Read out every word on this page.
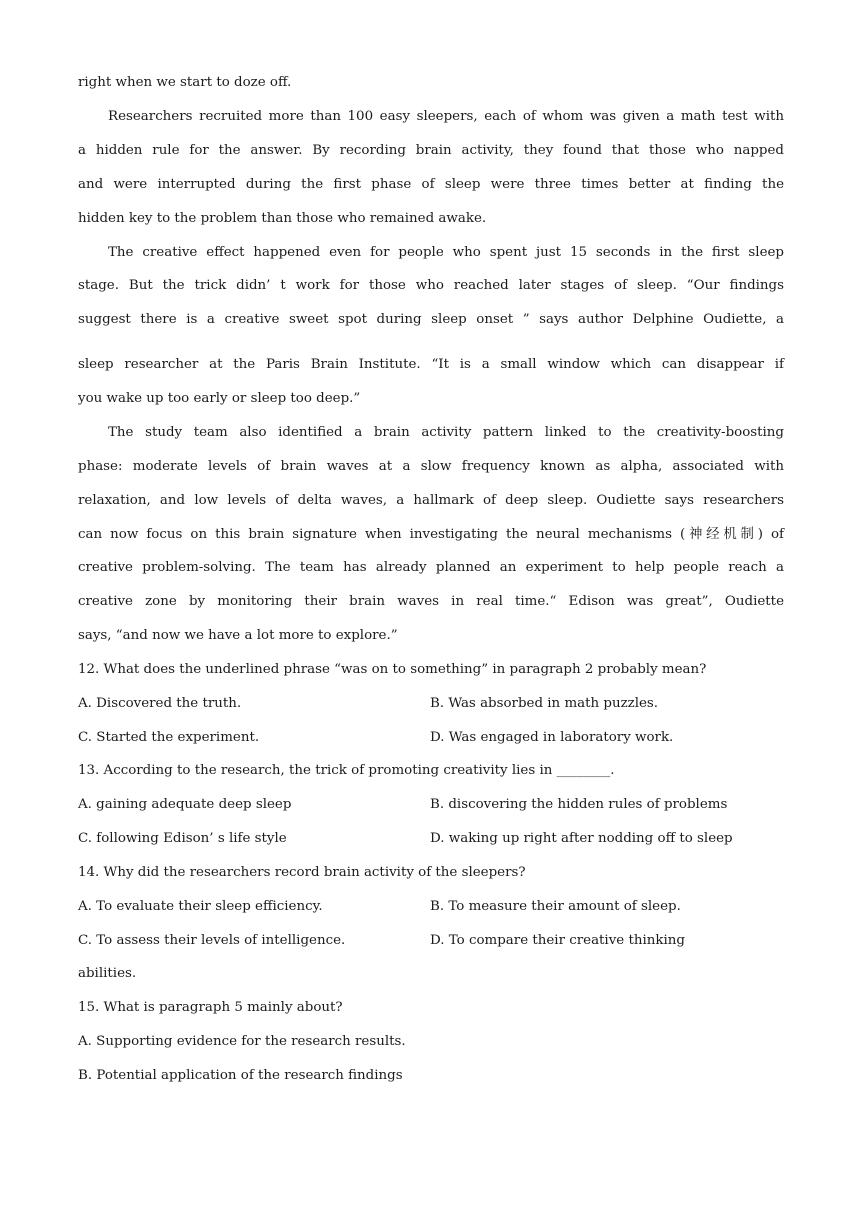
right when we start to doze off.
Researchers recruited more than 100 easy sleepers, each of whom was given a math test with
a hidden rule for the answer. By recording brain activity, they found that those who napped
and were interrupted during the first phase of sleep were three times better at finding the
hidden key to the problem than those who remained awake.
The creative effect happened even for people who spent just 15 seconds in the first sleep
stage. But the trick didn’ t work for those who reached later stages of sleep. “Our findings
suggest there is a creative sweet spot during sleep onset ” says author Delphine Oudiette, a
sleep researcher at the Paris Brain Institute. “It is a small window which can disappear if
you wake up too early or sleep too deep.”
The study team also identified a brain activity pattern linked to the creativity-boosting
phase: moderate levels of brain waves at a slow frequency known as alpha, associated with
relaxation, and low levels of delta waves, a hallmark of deep sleep. Oudiette says researchers
can now focus on this brain signature when investigating the neural mechanisms (神经机制) of
creative problem-solving. The team has already planned an experiment to help people reach a
creative zone by monitoring their brain waves in real time.“ Edison was great”, Oudiette
says, “and now we have a lot more to explore.”
12. What does the underlined phrase “was on to something” in paragraph 2 probably mean?
A. Discovered the truth.	B. Was absorbed in math puzzles.
C. Started the experiment.	D. Was engaged in laboratory work.
13. According to the research, the trick of promoting creativity lies in ________.
A. gaining adequate deep sleep	B. discovering the hidden rules of problems
C. following Edison’ s life style	D. waking up right after nodding off to sleep
14. Why did the researchers record brain activity of the sleepers?
A. To evaluate their sleep efficiency.	B. To measure their amount of sleep.
C. To assess their levels of intelligence.	D. To compare their creative thinking
abilities.
15. What is paragraph 5 mainly about?
A. Supporting evidence for the research results.
B. Potential application of the research findings
